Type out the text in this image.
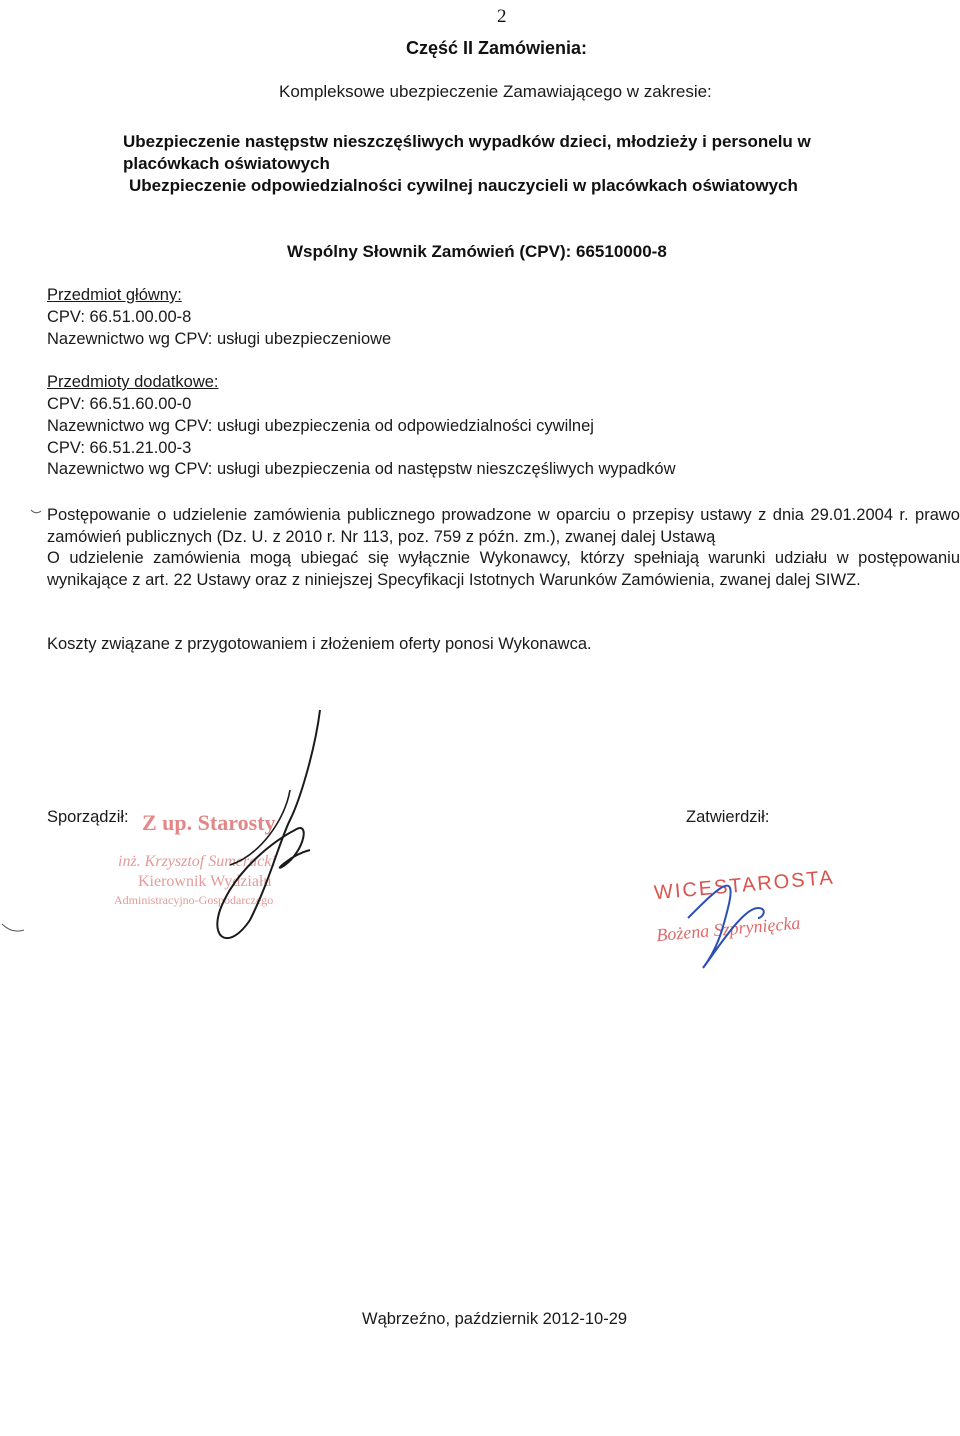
2
Część II Zamówienia:
Kompleksowe ubezpieczenie Zamawiającego w zakresie:
Ubezpieczenie następstw nieszczęśliwych wypadków dzieci, młodzieży i personelu w
placówkach oświatowych
Ubezpieczenie odpowiedzialności cywilnej nauczycieli w placówkach oświatowych
Wspólny Słownik Zamówień (CPV): 66510000-8
Przedmiot główny:
CPV: 66.51.00.00-8
Nazewnictwo wg CPV: usługi ubezpieczeniowe
Przedmioty dodatkowe:
CPV: 66.51.60.00-0
Nazewnictwo wg CPV: usługi ubezpieczenia od odpowiedzialności cywilnej
CPV: 66.51.21.00-3
Nazewnictwo wg CPV: usługi ubezpieczenia od następstw nieszczęśliwych wypadków
Postępowanie o udzielenie zamówienia publicznego prowadzone w oparciu o przepisy ustawy z dnia 29.01.2004 r. prawo zamówień publicznych (Dz. U. z 2010 r. Nr 113, poz. 759 z późn. zm.), zwanej dalej Ustawą
O udzielenie zamówienia mogą ubiegać się wyłącznie Wykonawcy, którzy spełniają warunki udziału w postępowaniu wynikające z art. 22 Ustawy oraz z niniejszej Specyfikacji Istotnych Warunków Zamówienia, zwanej dalej SIWZ.
Koszty związane z przygotowaniem i złożeniem oferty ponosi Wykonawca.
Sporządził:	Zatwierdził:
Z up. Starosty
inż. Krzysztof Sumeracki
Kierownik Wydziału
Administracyjno-Gospodarczego	WICESTAROSTA
Bożena Szprynięcka
Wąbrzeźno, październik 2012-10-29
